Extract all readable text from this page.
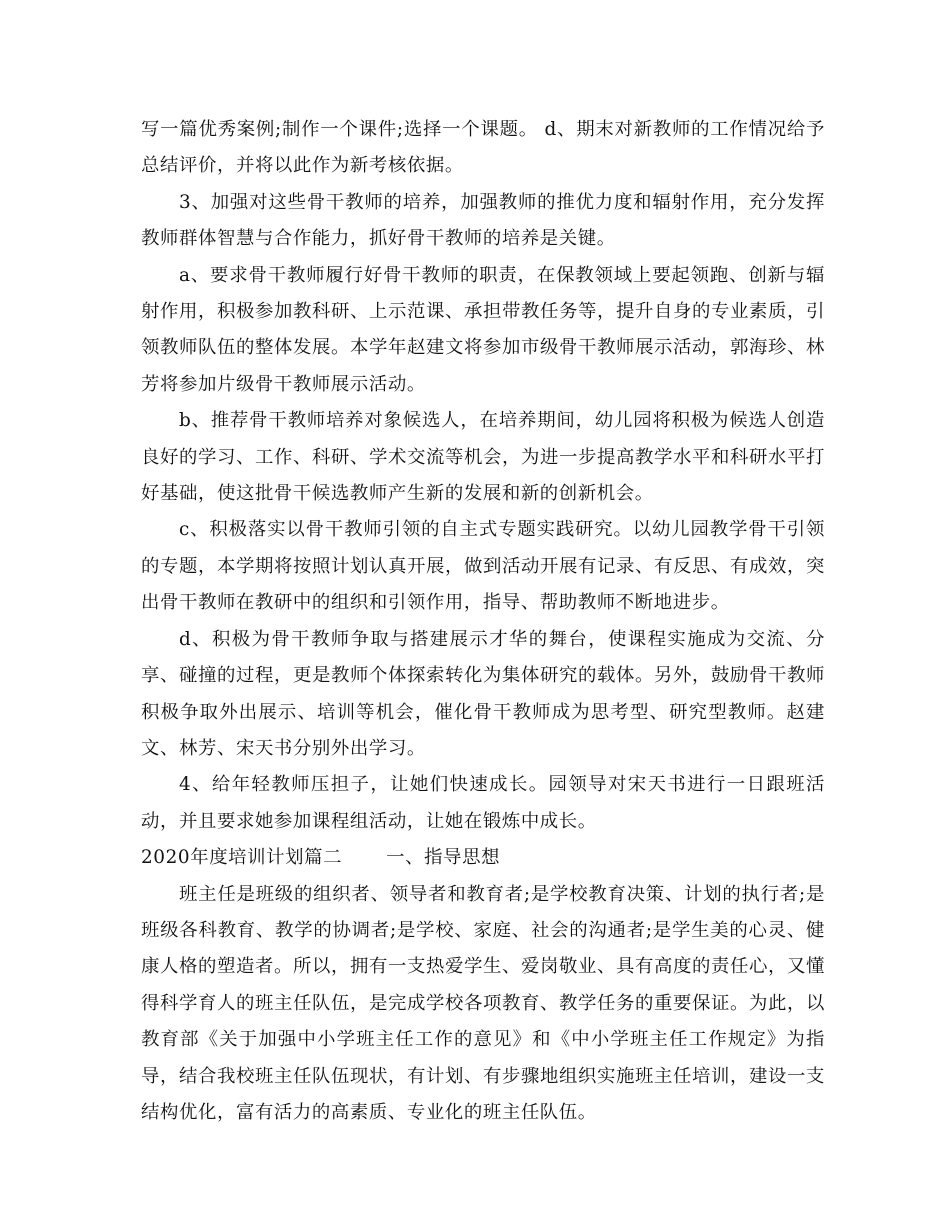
写一篇优秀案例;制作一个课件;选择一个课题。 d、期末对新教师的工作情况给予总结评价，并将以此作为新考核依据。

3、加强对这些骨干教师的培养，加强教师的推优力度和辐射作用，充分发挥教师群体智慧与合作能力，抓好骨干教师的培养是关键。

a、要求骨干教师履行好骨干教师的职责，在保教领域上要起领跑、创新与辐射作用，积极参加教科研、上示范课、承担带教任务等，提升自身的专业素质，引领教师队伍的整体发展。本学年赵建文将参加市级骨干教师展示活动，郭海珍、林芳将参加片级骨干教师展示活动。

b、推荐骨干教师培养对象候选人，在培养期间，幼儿园将积极为候选人创造良好的学习、工作、科研、学术交流等机会，为进一步提高教学水平和科研水平打好基础，使这批骨干候选教师产生新的发展和新的创新机会。

c、积极落实以骨干教师引领的自主式专题实践研究。以幼儿园教学骨干引领的专题，本学期将按照计划认真开展，做到活动开展有记录、有反思、有成效，突出骨干教师在教研中的组织和引领作用，指导、帮助教师不断地进步。

d、积极为骨干教师争取与搭建展示才华的舞台，使课程实施成为交流、分享、碰撞的过程，更是教师个体探索转化为集体研究的载体。另外，鼓励骨干教师积极争取外出展示、培训等机会，催化骨干教师成为思考型、研究型教师。赵建文、林芳、宋天书分别外出学习。

4、给年轻教师压担子，让她们快速成长。园领导对宋天书进行一日跟班活动，并且要求她参加课程组活动，让她在锻炼中成长。

2020年度培训计划篇二 一、指导思想

班主任是班级的组织者、领导者和教育者;是学校教育决策、计划的执行者;是班级各科教育、教学的协调者;是学校、家庭、社会的沟通者;是学生美的心灵、健康人格的塑造者。所以，拥有一支热爱学生、爱岗敬业、具有高度的责任心，又懂得科学育人的班主任队伍，是完成学校各项教育、教学任务的重要保证。为此，以教育部《关于加强中小学班主任工作的意见》和《中小学班主任工作规定》为指导，结合我校班主任队伍现状，有计划、有步骤地组织实施班主任培训，建设一支结构优化，富有活力的高素质、专业化的班主任队伍。
